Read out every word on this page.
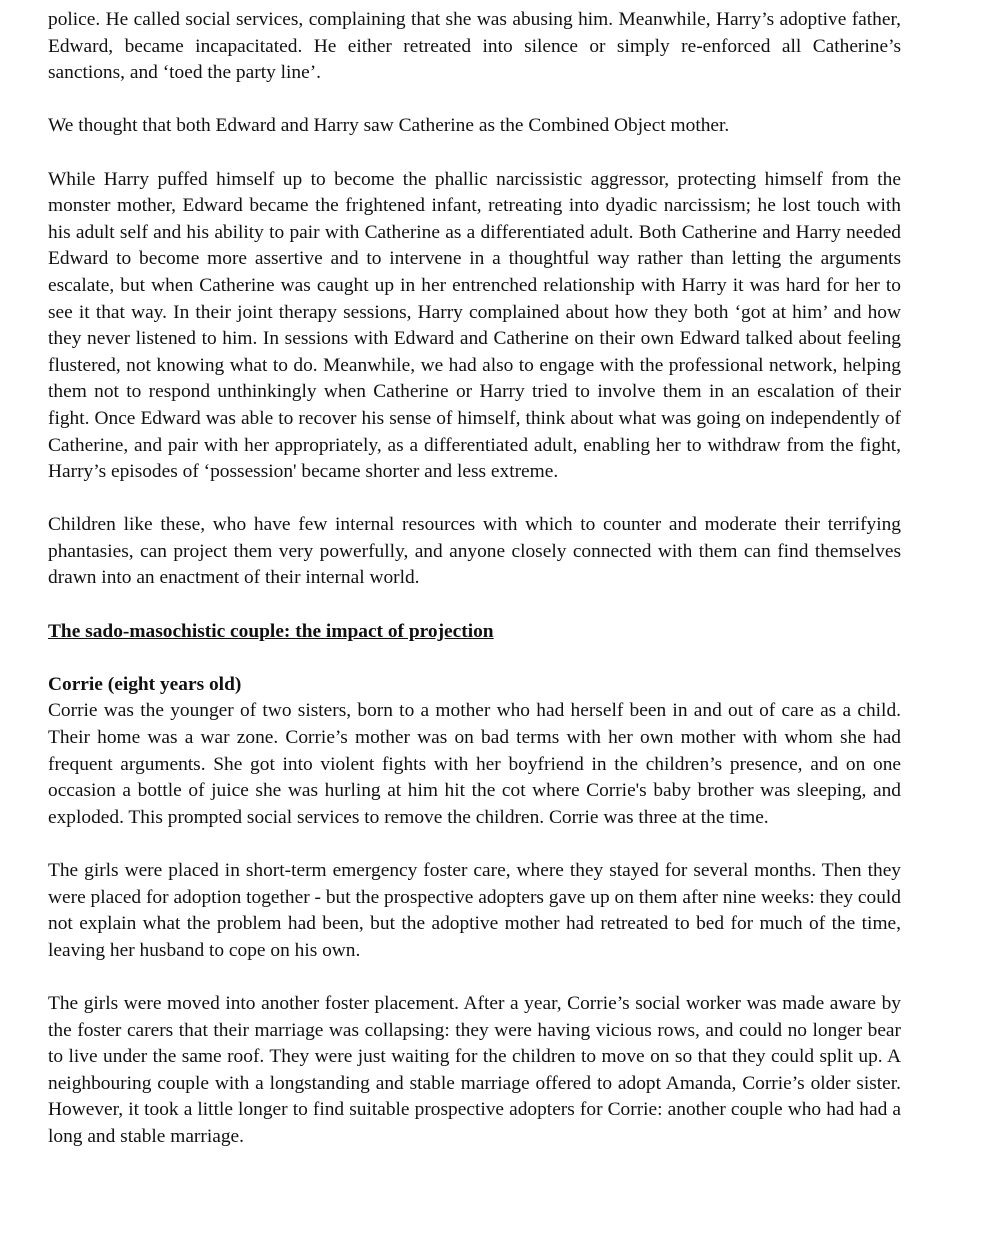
police. He called social services, complaining that she was abusing him. Meanwhile, Harry’s adoptive father, Edward, became incapacitated. He either retreated into silence or simply re-enforced all Catherine’s sanctions, and ‘toed the party line’.

We thought that both Edward and Harry saw Catherine as the Combined Object mother.

While Harry puffed himself up to become the phallic narcissistic aggressor, protecting himself from the monster mother, Edward became the frightened infant, retreating into dyadic narcissism; he lost touch with his adult self and his ability to pair with Catherine as a differentiated adult. Both Catherine and Harry needed Edward to become more assertive and to intervene in a thoughtful way rather than letting the arguments escalate, but when Catherine was caught up in her entrenched relationship with Harry it was hard for her to see it that way. In their joint therapy sessions, Harry complained about how they both ‘got at him’ and how they never listened to him. In sessions with Edward and Catherine on their own Edward talked about feeling flustered, not knowing what to do. Meanwhile, we had also to engage with the professional network, helping them not to respond unthinkingly when Catherine or Harry tried to involve them in an escalation of their fight. Once Edward was able to recover his sense of himself, think about what was going on independently of Catherine, and pair with her appropriately, as a differentiated adult, enabling her to withdraw from the fight, Harry’s episodes of ‘possession' became shorter and less extreme.

Children like these, who have few internal resources with which to counter and moderate their terrifying phantasies, can project them very powerfully, and anyone closely connected with them can find themselves drawn into an enactment of their internal world.

The sado-masochistic couple: the impact of projection

Corrie (eight years old)

Corrie was the younger of two sisters, born to a mother who had herself been in and out of care as a child. Their home was a war zone. Corrie’s mother was on bad terms with her own mother with whom she had frequent arguments. She got into violent fights with her boyfriend in the children’s presence, and on one occasion a bottle of juice she was hurling at him hit the cot where Corrie's baby brother was sleeping, and exploded. This prompted social services to remove the children. Corrie was three at the time.

The girls were placed in short-term emergency foster care, where they stayed for several months. Then they were placed for adoption together - but the prospective adopters gave up on them after nine weeks: they could not explain what the problem had been, but the adoptive mother had retreated to bed for much of the time, leaving her husband to cope on his own.

The girls were moved into another foster placement. After a year, Corrie’s social worker was made aware by the foster carers that their marriage was collapsing: they were having vicious rows, and could no longer bear to live under the same roof. They were just waiting for the children to move on so that they could split up. A neighbouring couple with a longstanding and stable marriage offered to adopt Amanda, Corrie’s older sister. However, it took a little longer to find suitable prospective adopters for Corrie: another couple who had had a long and stable marriage.
